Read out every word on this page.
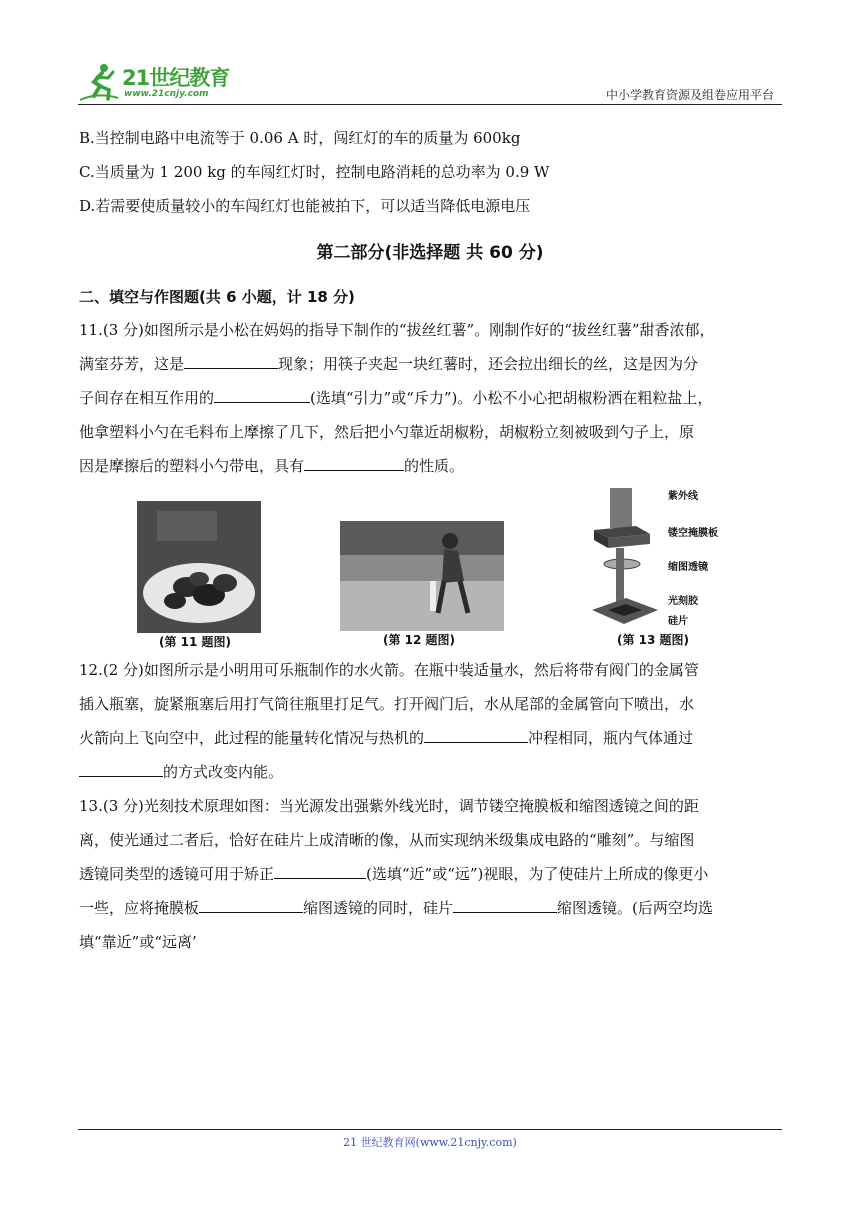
21世纪教育
www.21cnjy.com	中小学教育资源及组卷应用平台
B.当控制电路中电流等于 0.06 A 时，闯红灯的车的质量为 600kg
C.当质量为 1 200 kg 的车闯红灯时，控制电路消耗的总功率为 0.9 W
D.若需要使质量较小的车闯红灯也能被拍下，可以适当降低电源电压
第二部分(非选择题 共 60 分)
二、填空与作图题(共 6 小题，计 18 分)
11.(3 分)如图所示是小松在妈妈的指导下制作的“拔丝红薯”。刚制作好的“拔丝红薯”甜香浓郁，
满室芬芳，这是	现象；用筷子夹起一块红薯时，还会拉出细长的丝，这是因为分
子间存在相互作用的	(选填“引力”或“斥力”)。小松不小心把胡椒粉洒在粗粒盐上，
他拿塑料小勺在毛料布上摩擦了几下，然后把小勺靠近胡椒粉，胡椒粉立刻被吸到勺子上，原
因是摩擦后的塑料小勺带电，具有	的性质。
(第 11 题图)	(第 12 题图)
紫外线
镂空掩膜板
缩图透镜
光刻胶
硅片
(第 13 题图)
12.(2 分)如图所示是小明用可乐瓶制作的水火箭。在瓶中装适量水，然后将带有阀门的金属管
插入瓶塞，旋紧瓶塞后用打气筒往瓶里打足气。打开阀门后，水从尾部的金属管向下喷出，水
火箭向上飞向空中，此过程的能量转化情况与热机的	冲程相同，瓶内气体通过
的方式改变内能。
13.(3 分)光刻技术原理如图：当光源发出强紫外线光时，调节镂空掩膜板和缩图透镜之间的距
离，使光通过二者后，恰好在硅片上成清晰的像，从而实现纳米级集成电路的“雕刻”。与缩图
透镜同类型的透镜可用于矫正	(选填“近”或“远”)视眼，为了使硅片上所成的像更小
一些，应将掩膜板	缩图透镜的同时，硅片	缩图透镜。(后两空均选
填“靠近”或“远离’
21 世纪教育网(www.21cnjy.com)
